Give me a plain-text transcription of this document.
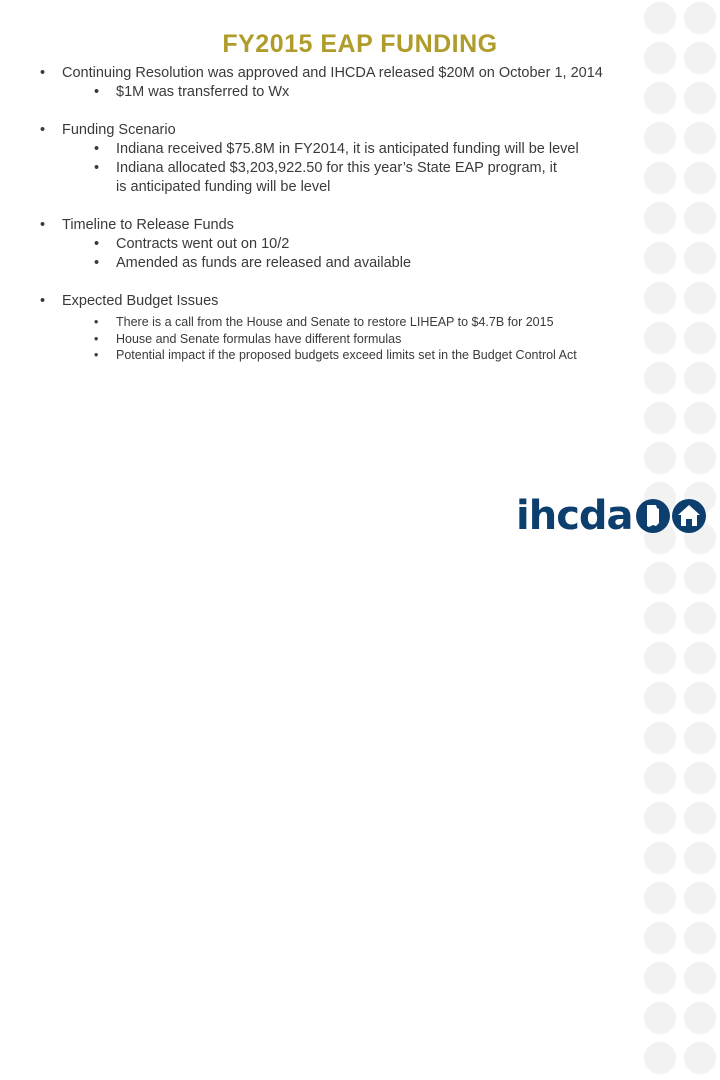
FY2015 EAP FUNDING
• Continuing Resolution was approved and IHCDA released $20M on October 1, 2014
• $1M was transferred to Wx
• Funding Scenario
• Indiana received $75.8M in FY2014, it is anticipated funding will be level
• Indiana allocated $3,203,922.50 for this year’s State EAP program, it is anticipated funding will be level
• Timeline to Release Funds
• Contracts went out on 10/2
• Amended as funds are released and available
• Expected Budget Issues
• There is a call from the House and Senate to restore LIHEAP to $4.7B for 2015
• House and Senate formulas have different formulas
• Potential impact if the proposed budgets exceed limits set in the Budget Control Act
ihcda
